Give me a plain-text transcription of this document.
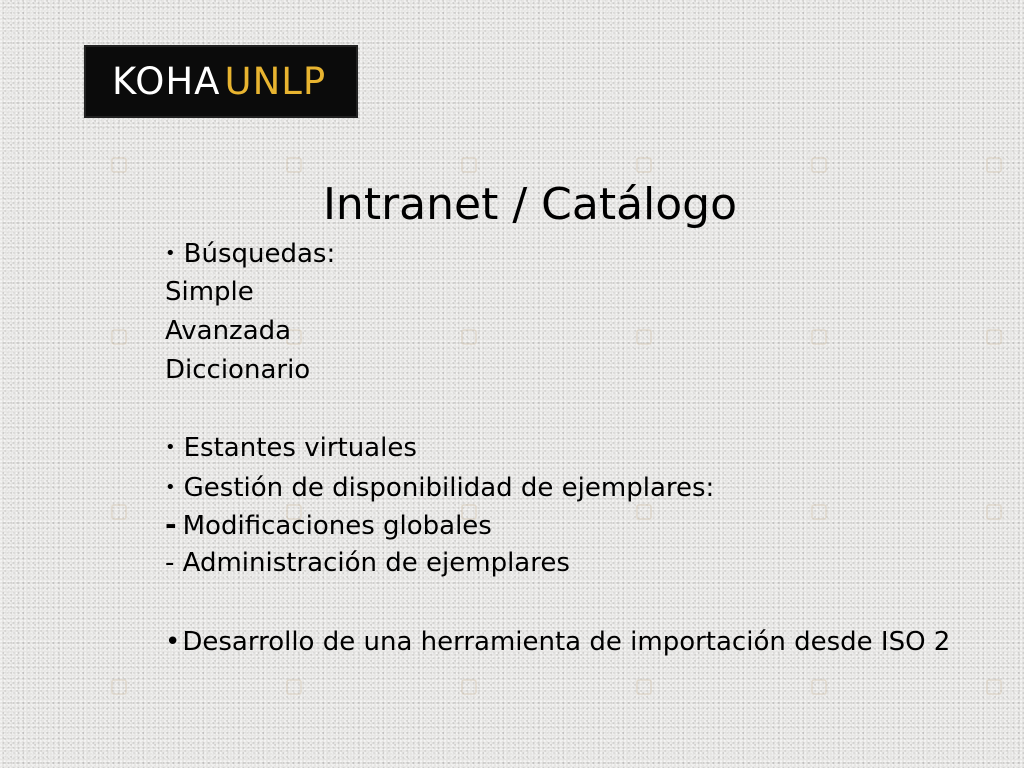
KOHA UNLP
Intranet / Catálogo
• Búsquedas:
Simple
Avanzada
Diccionario
• Estantes virtuales
• Gestión de disponibilidad de ejemplares:
- Modificaciones globales
- Administración de ejemplares
•Desarrollo de una herramienta de importación desde ISO 2
